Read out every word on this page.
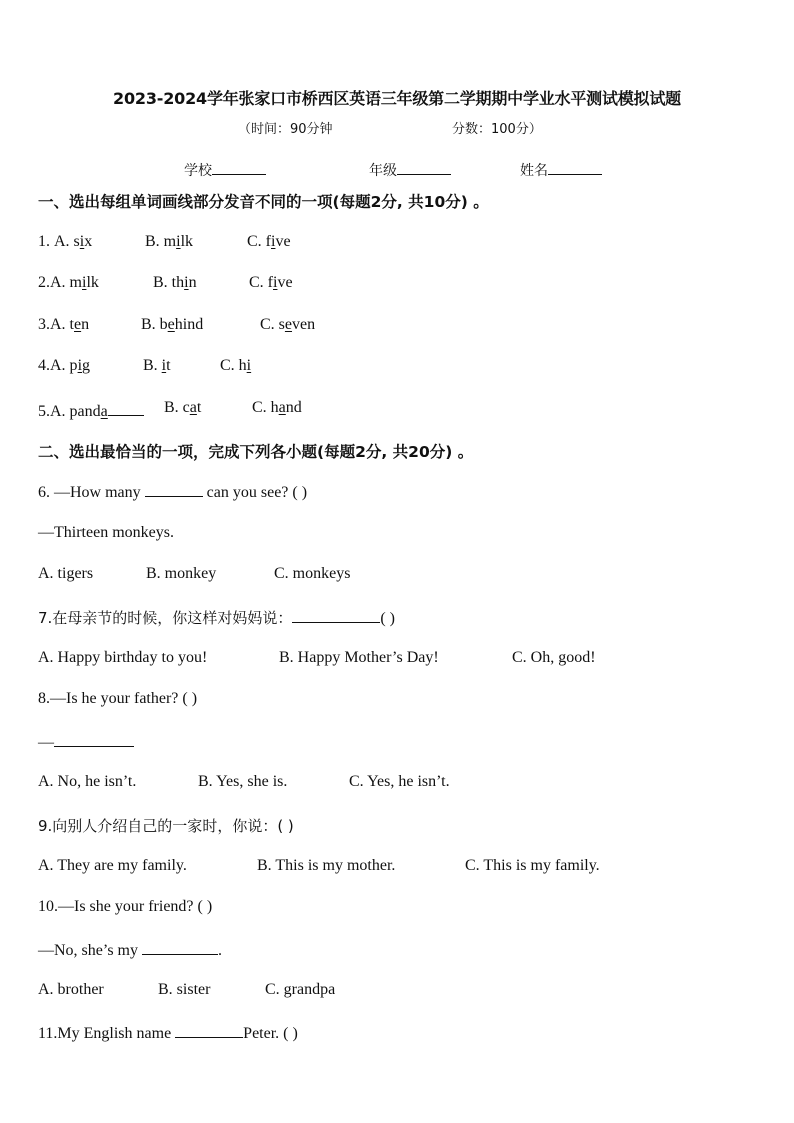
2023-2024学年张家口市桥西区英语三年级第二学期期中学业水平测试模拟试题
（时间：90分钟	分数：100分）
学校	年级	姓名
一、选出每组单词画线部分发音不同的一项(每题2分, 共10分) 。
1. A. six	B. milk	C. five
2.A. milk	B. thin	C. five
3.A. ten	B. behind	C. seven
4.A. pig	B. it	C. hi
5.A. panda	B. cat	C. hand
二、选出最恰当的一项，完成下列各小题(每题2分, 共20分) 。
6. —How many	can you see? ( )
—Thirteen monkeys.
A. tigers	B. monkey	C. monkeys
7.在母亲节的时候，你这样对妈妈说：	( )
A. Happy birthday to you!	B. Happy Mother’s Day!	C. Oh, good!
8.—Is he your father? ( )
—
A. No, he isn’t.	B. Yes, she is.	C. Yes, he isn’t.
9.向别人介绍自己的一家时，你说：( )
A. They are my family.	B. This is my mother.	C. This is my family.
10.—Is she your friend? ( )
—No, she’s my	.
A. brother	B. sister	C. grandpa
11.My English name	Peter. ( )
